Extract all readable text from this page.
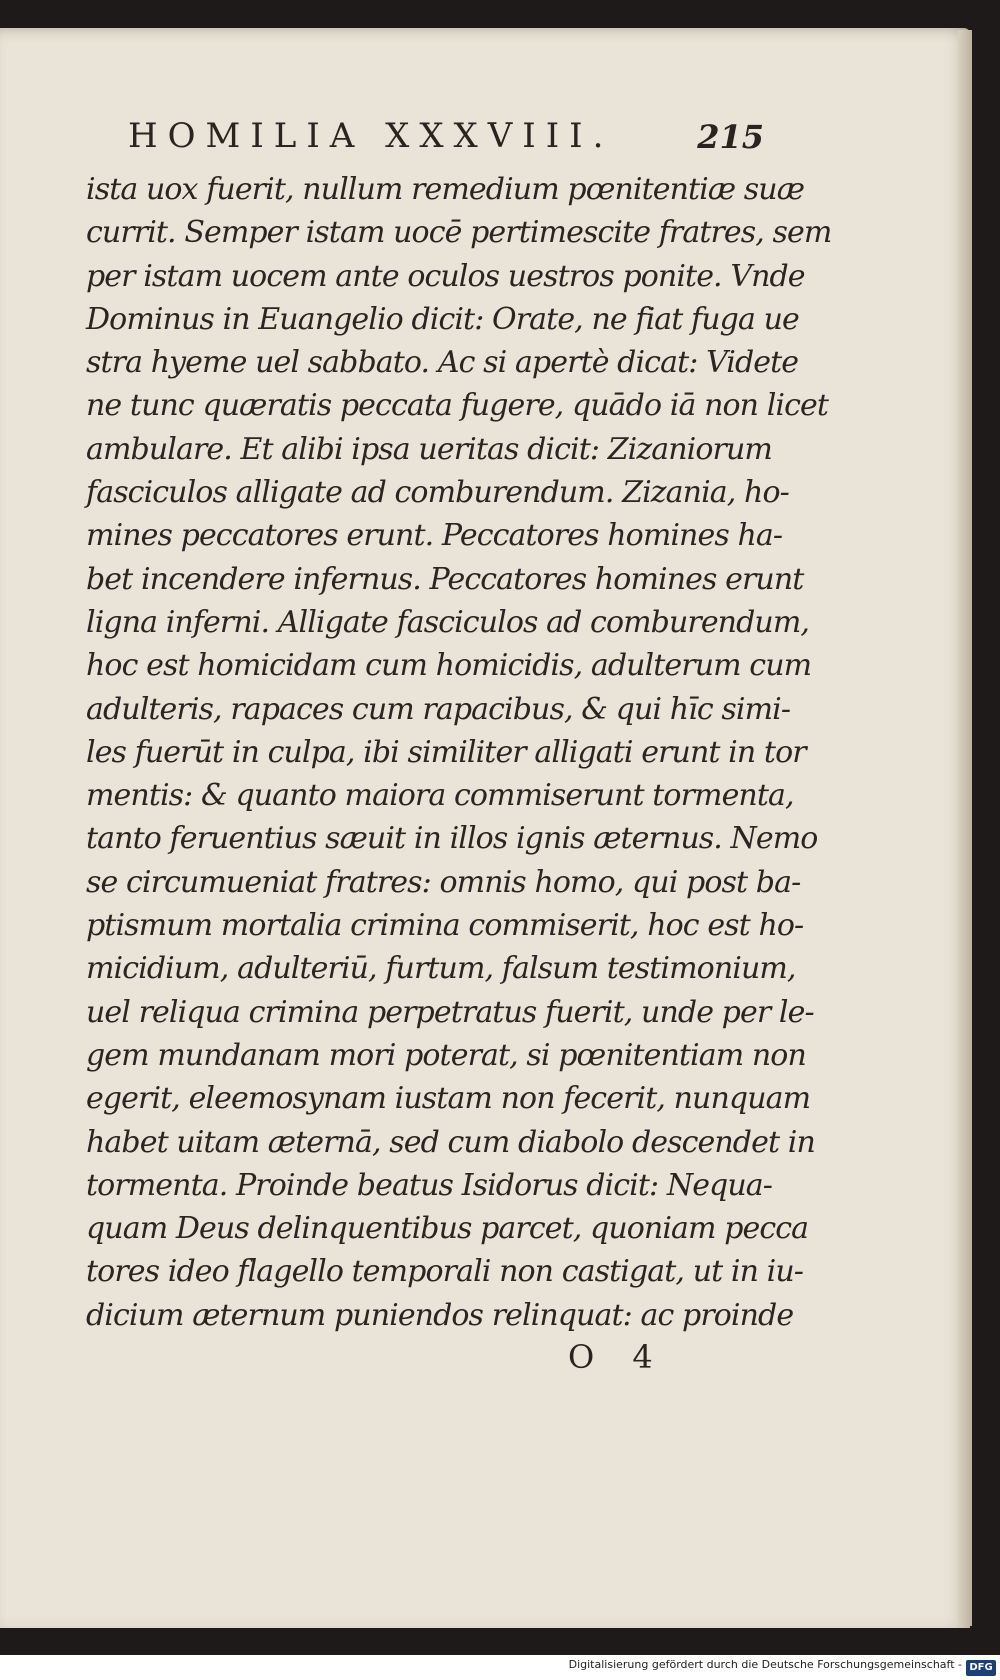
HOMILIA XXXVIII.	215
ista uox fuerit, nullum remedium pœnitentiæ suæ
currit. Semper istam uocē pertimescite fratres, sem
per istam uocem ante oculos uestros ponite. Vnde
Dominus in Euangelio dicit: Orate, ne fiat fuga ue
stra hyeme uel sabbato. Ac si apertè dicat: Videte
ne tunc quæratis peccata fugere, quādo iā non licet
ambulare. Et alibi ipsa ueritas dicit: Zizaniorum
fasciculos alligate ad comburendum. Zizania, ho-
mines peccatores erunt. Peccatores homines ha-
bet incendere infernus. Peccatores homines erunt
ligna inferni. Alligate fasciculos ad comburendum,
hoc est homicidam cum homicidis, adulterum cum
adulteris, rapaces cum rapacibus, & qui hīc simi-
les fuerūt in culpa, ibi similiter alligati erunt in tor
mentis: & quanto maiora commiserunt tormenta,
tanto feruentius sæuit in illos ignis æternus. Nemo
se circumueniat fratres: omnis homo, qui post ba-
ptismum mortalia crimina commiserit, hoc est ho-
micidium, adulteriū, furtum, falsum testimonium,
uel reliqua crimina perpetratus fuerit, unde per le-
gem mundanam mori poterat, si pœnitentiam non
egerit, eleemosynam iustam non fecerit, nunquam
habet uitam æternā, sed cum diabolo descendet in
tormenta. Proinde beatus Isidorus dicit: Nequa-
quam Deus delinquentibus parcet, quoniam pecca
tores ideo flagello temporali non castigat, ut in iu-
dicium æternum puniendos relinquat: ac proinde
O 4
Digitalisierung gefördert durch die Deutsche Forschungsgemeinschaft - DFG
